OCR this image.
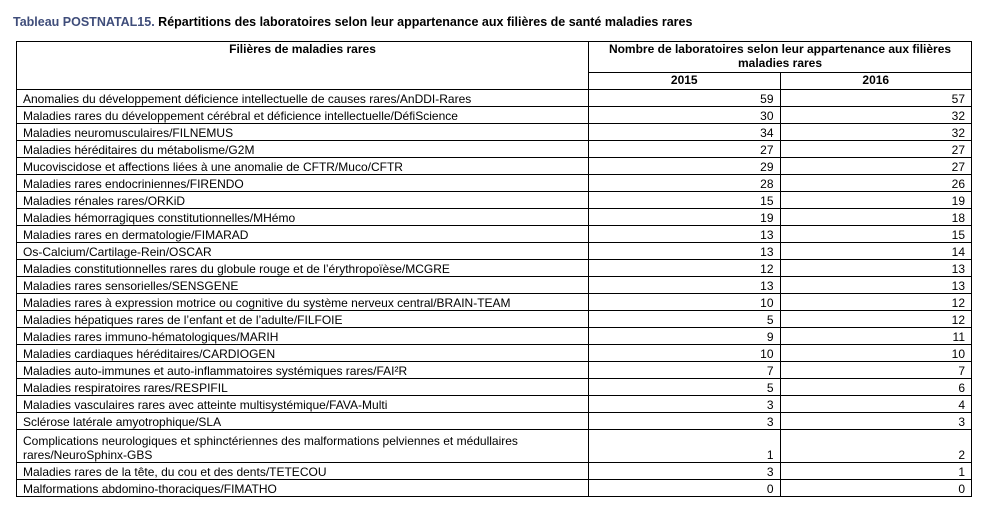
Tableau POSTNATAL15. Répartitions des laboratoires selon leur appartenance aux filières de santé maladies rares
Filières de maladies rares	Nombre de laboratoires selon leur appartenance aux filières maladies rares	
	2015	2016
Anomalies du développement déficience intellectuelle de causes rares/AnDDI-Rares	59	57
Maladies rares du développement cérébral et déficience intellectuelle/DéfiScience	30	32
Maladies neuromusculaires/FILNEMUS	34	32
Maladies héréditaires du métabolisme/G2M	27	27
Mucoviscidose et affections liées à une anomalie de CFTR/Muco/CFTR	29	27
Maladies rares endocriniennes/FIRENDO	28	26
Maladies rénales rares/ORKiD	15	19
Maladies hémorragiques constitutionnelles/MHémo	19	18
Maladies rares en dermatologie/FIMARAD	13	15
Os-Calcium/Cartilage-Rein/OSCAR	13	14
Maladies constitutionnelles rares du globule rouge et de l’érythropoïèse/MCGRE	12	13
Maladies rares sensorielles/SENSGENE	13	13
Maladies rares à expression motrice ou cognitive du système nerveux central/BRAIN-TEAM	10	12
Maladies hépatiques rares de l’enfant et de l’adulte/FILFOIE	5	12
Maladies rares immuno-hématologiques/MARIH	9	11
Maladies cardiaques héréditaires/CARDIOGEN	10	10
Maladies auto-immunes et auto-inflammatoires systémiques rares/FAI²R	7	7
Maladies respiratoires rares/RESPIFIL	5	6
Maladies vasculaires rares avec atteinte multisystémique/FAVA-Multi	3	4
Sclérose latérale amyotrophique/SLA	3	3
Complications neurologiques et sphinctériennes des malformations pelviennes et médullaires rares/NeuroSphinx-GBS	1	2
Maladies rares de la tête, du cou et des dents/TETECOU	3	1
Malformations abdomino-thoraciques/FIMATHO	0	0
